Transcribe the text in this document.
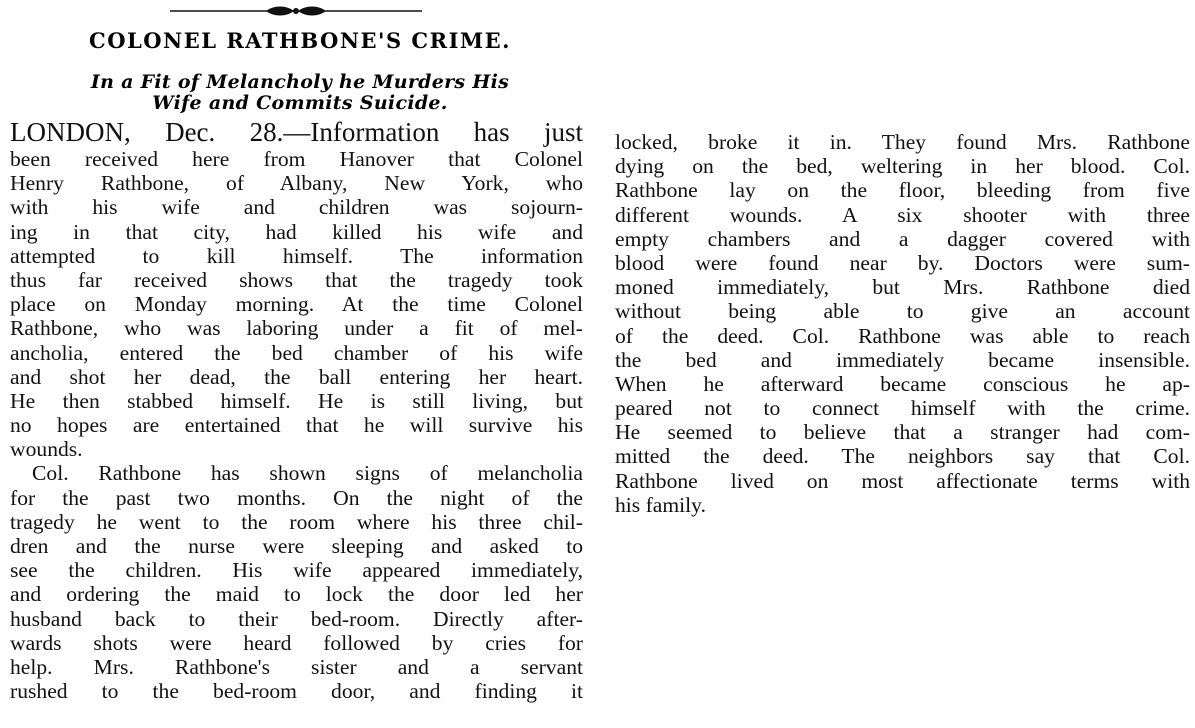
COLONEL RATHBONE'S CRIME.
In a Fit of Melancholy he Murders His
Wife and Commits Suicide.
LONDON, Dec. 28.—Information has just
been received here from Hanover that Colonel
Henry Rathbone, of Albany, New York, who
with his wife and children was sojourn-
ing in that city, had killed his wife and
attempted to kill himself. The information
thus far received shows that the tragedy took
place on Monday morning. At the time Colonel
Rathbone, who was laboring under a fit of mel-
ancholia, entered the bed chamber of his wife
and shot her dead, the ball entering her heart.
He then stabbed himself. He is still living, but
no hopes are entertained that he will survive his
wounds.
Col. Rathbone has shown signs of melancholia
for the past two months. On the night of the
tragedy he went to the room where his three chil-
dren and the nurse were sleeping and asked to
see the children. His wife appeared immediately,
and ordering the maid to lock the door led her
husband back to their bed-room. Directly after-
wards shots were heard followed by cries for
help. Mrs. Rathbone's sister and a servant
rushed to the bed-room door, and finding it
locked, broke it in. They found Mrs. Rathbone
dying on the bed, weltering in her blood. Col.
Rathbone lay on the floor, bleeding from five
different wounds. A six shooter with three
empty chambers and a dagger covered with
blood were found near by. Doctors were sum-
moned immediately, but Mrs. Rathbone died
without being able to give an account
of the deed. Col. Rathbone was able to reach
the bed and immediately became insensible.
When he afterward became conscious he ap-
peared not to connect himself with the crime.
He seemed to believe that a stranger had com-
mitted the deed. The neighbors say that Col.
Rathbone lived on most affectionate terms with
his family.
